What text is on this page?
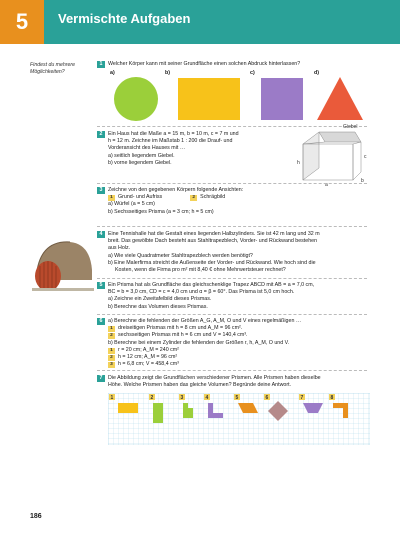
5	Vermischte Aufgaben
Findest du mehrere Möglichkeiten?
1 Welcher Körper kann mit seiner Grundfläche einen solchen Abdruck hinterlassen?
a)	b)	c)	d)
2 Ein Haus hat die Maße a = 15 m, b = 10 m, c = 7 m und
h = 12 m. Zeichne im Maßstab 1 : 200 die Drauf- und
Vorderansicht des Hauses mit …
a) seitlich liegendem Giebel.
b) vorne liegendem Giebel.
Giebel
h
a
b
c
3 Zeichne von den gegebenen Körpern folgende Ansichten:
1 Grund- und Aufriss	2 Schrägbild
a) Würfel (a = 5 cm)
b) Sechsseitiges Prisma (a = 3 cm; h = 5 cm)
4 Eine Tennishalle hat die Gestalt eines liegenden Halbzylinders. Sie ist 42 m lang und 32 m
breit. Das gewölbte Dach besteht aus Stahltrapezblech, Vorder- und Rückwand bestehen
aus Holz.
a) Wie viele Quadratmeter Stahltrapezblech werden benötigt?
b) Eine Malerfirma streicht die Außenseite der Vorder- und Rückwand. Wie hoch sind die
Kosten, wenn die Firma pro m² mit 8,40 € ohne Mehrwertsteuer rechnet?
5 Ein Prisma hat als Grundfläche das gleichschenklige Trapez ABCD mit AB = a = 7,0 cm,
BC = b = 3,0 cm, CD = c = 4,0 cm und α = β = 60°. Das Prisma ist 5,0 cm hoch.
a) Zeichne ein Zweitafelbild dieses Prismas.
b) Berechne das Volumen dieses Prismas.
6 a) Berechne die fehlenden der Größen A_G, A_M, O und V eines regelmäßigen …
1 dreiseitigen Prismas mit h = 8 cm und A_M = 96 cm².
2 sechsseitigen Prismas mit h = 6 cm und V = 140,4 cm³.
b) Berechne bei einem Zylinder die fehlenden der Größen r, h, A_M, O und V.
1 r = 20 cm; A_M = 240 cm²
2 h = 12 cm; A_M = 96 cm²
3 h = 6,8 cm; V = 458,4 cm³
7 Die Abbildung zeigt die Grundflächen verschiedener Prismen. Alle Prismen haben dieselbe
Höhe. Welche Prismen haben das gleiche Volumen? Begründe deine Antwort.
1	2	3	4	5	6	7	8
186
